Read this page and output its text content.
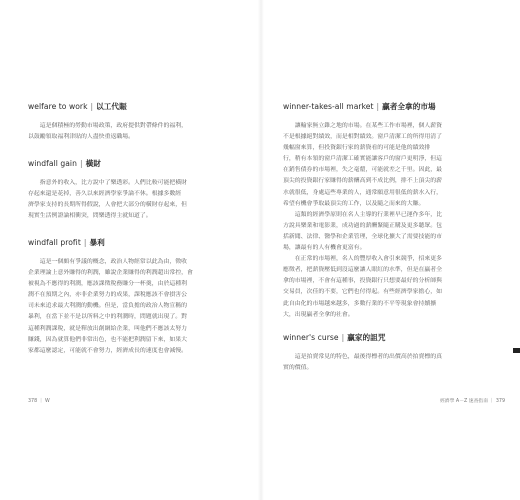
welfare to work | 以工代賑
這是個積極的勞動市場政策，政府提供對帶條件的福利，
以鼓勵領取福利津貼的人盡快重返職場。
windfall gain | 橫財
指意外的收入，比方說中了樂透彩。人們比較可能把橫財
存起來還是花掉，善久以來經濟學家爭論不休。根據多數經
濟學家支持的長期所得假說，人會把大部分的橫財存起來，但
現實生活例證論相衝突，問樂透得主就知道了。
windfall profit | 暴利
這是一個頗有爭議的概念，政治人物經常以此為由，徵收
企業理論上意外賺得的利潤，雖說企業賺得的利潤超出常控，會
被視為不應得的利潤，應該課徵稅務賺分一杯羹，由於這種利
潤不在預期之內，亦非企業努力的成果，課稅應該不會損害公
司未來追求最大利潤的動機。但是，當負擔的政治人物宣稱的
暴利，在當下並不是以所料之中的利潤時，問題就出現了。對
這種利潤課稅，就是釋放出創網給企業，叫他們不應該太努力
賺錢，因為就算他們非常出色，也不能把利潤留下來，如果大
家都這麼認定，可能就不會努力，經濟成長的速度也會減慢。
378 ｜ W
winner-takes-all market | 贏者全拿的市場
讓輸家無立錐之地的市場。在某些工作市場裡，個人薪資
不是根據絕對績效，而是相對績效。窗戶清潔工的所得用清了
幾幅窗來算，但投資銀行家的薪資看的可能是他的績效排
行，稍有本領的窗戶清潔工確實能讓客戶的窗戶更明淨，但這
在銷售債券的市場裡，失之毫釐，可能就差之千里。因此，最
頂尖的投資銀行家賺得的薪酬高到不成比例，排不上頂尖的薪
水就很低，身處這些專業的人，通常願意用很低的薪水入行，
希望有機會爭取最頂尖的工作，以及隨之而來的大賺。
這類的經濟學原則在名人主導的行業裡早已運作多年，比
方說具樂業和電影業，成功過的薪酬緊隨正購及更多聽眾。包
括新聞、法律、醫學和企業管理，全球化擴大了需要技能的市
場，讓最有的人有機會更富有。
在正常的市場裡，名人的豐厚收入會引來競爭，招來更多
應徵者，把薪資壓低到沒這麼讓人眼紅的水準，但是在贏者全
拿的市場裡，不會有這種事，投資銀行只想要最好的分析師與
交易員，次佳的不要，它們也付得起。有些經濟學家擔心，如
此自由化的市場越來越多，多數行業的不平等現象會持續擴
大，出現贏者全拿的社會。
winner's curse | 贏家的詛咒
這是拍賣常見的特色，最後得標者的出價高於拍賣標的真
實的價值。
經濟學 A－Z 速查指南 ｜ 379
